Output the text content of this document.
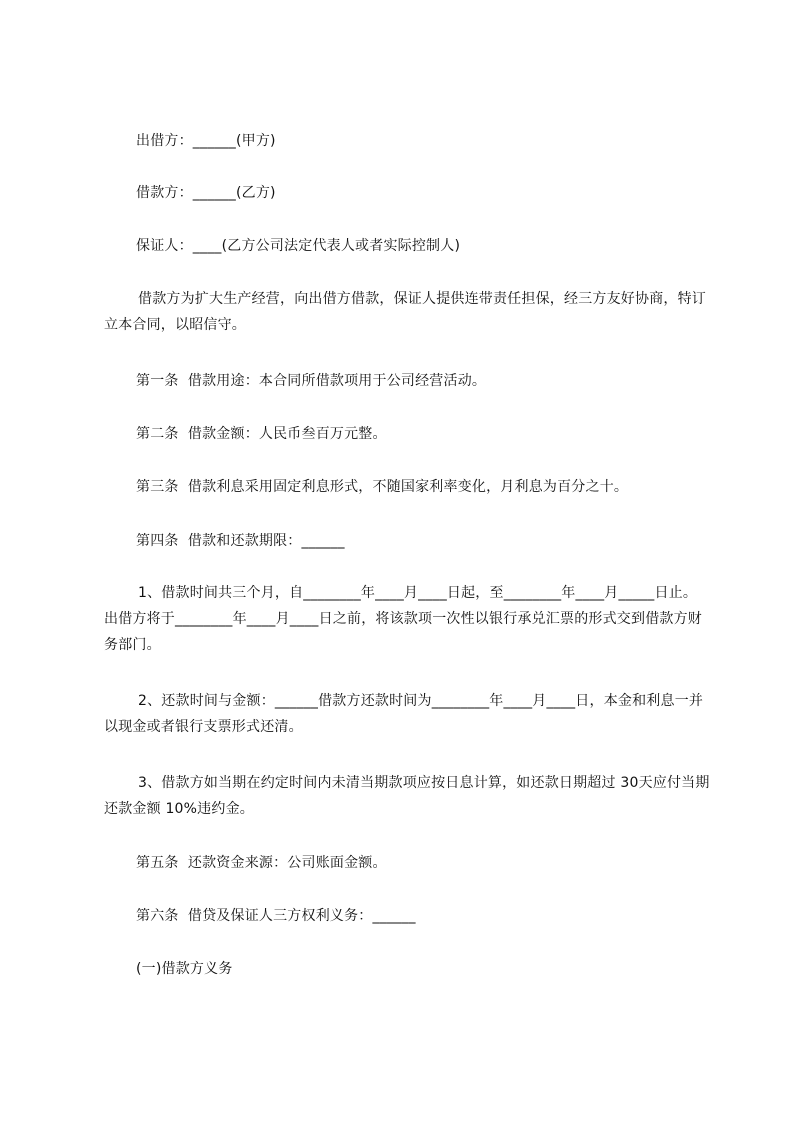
出借方：______(甲方)

借款方：______(乙方)

保证人：____(乙方公司法定代表人或者实际控制人)

借款方为扩大生产经营，向出借方借款，保证人提供连带责任担保，经三方友好协商，特订立本合同，以昭信守。

第一条  借款用途：本合同所借款项用于公司经营活动。

第二条  借款金额：人民币叁百万元整。

第三条  借款利息采用固定利息形式，不随国家利率变化，月利息为百分之十。

第四条  借款和还款期限：______

1、借款时间共三个月，自________年____月____日起，至________年____月_____日止。出借方将于________年____月____日之前，将该款项一次性以银行承兑汇票的形式交到借款方财务部门。

2、还款时间与金额：______借款方还款时间为________年____月____日，本金和利息一并以现金或者银行支票形式还清。

3、借款方如当期在约定时间内未清当期款项应按日息计算，如还款日期超过 30天应付当期还款金额 10%违约金。

第五条  还款资金来源：公司账面金额。

第六条  借贷及保证人三方权利义务：______

(一)借款方义务
